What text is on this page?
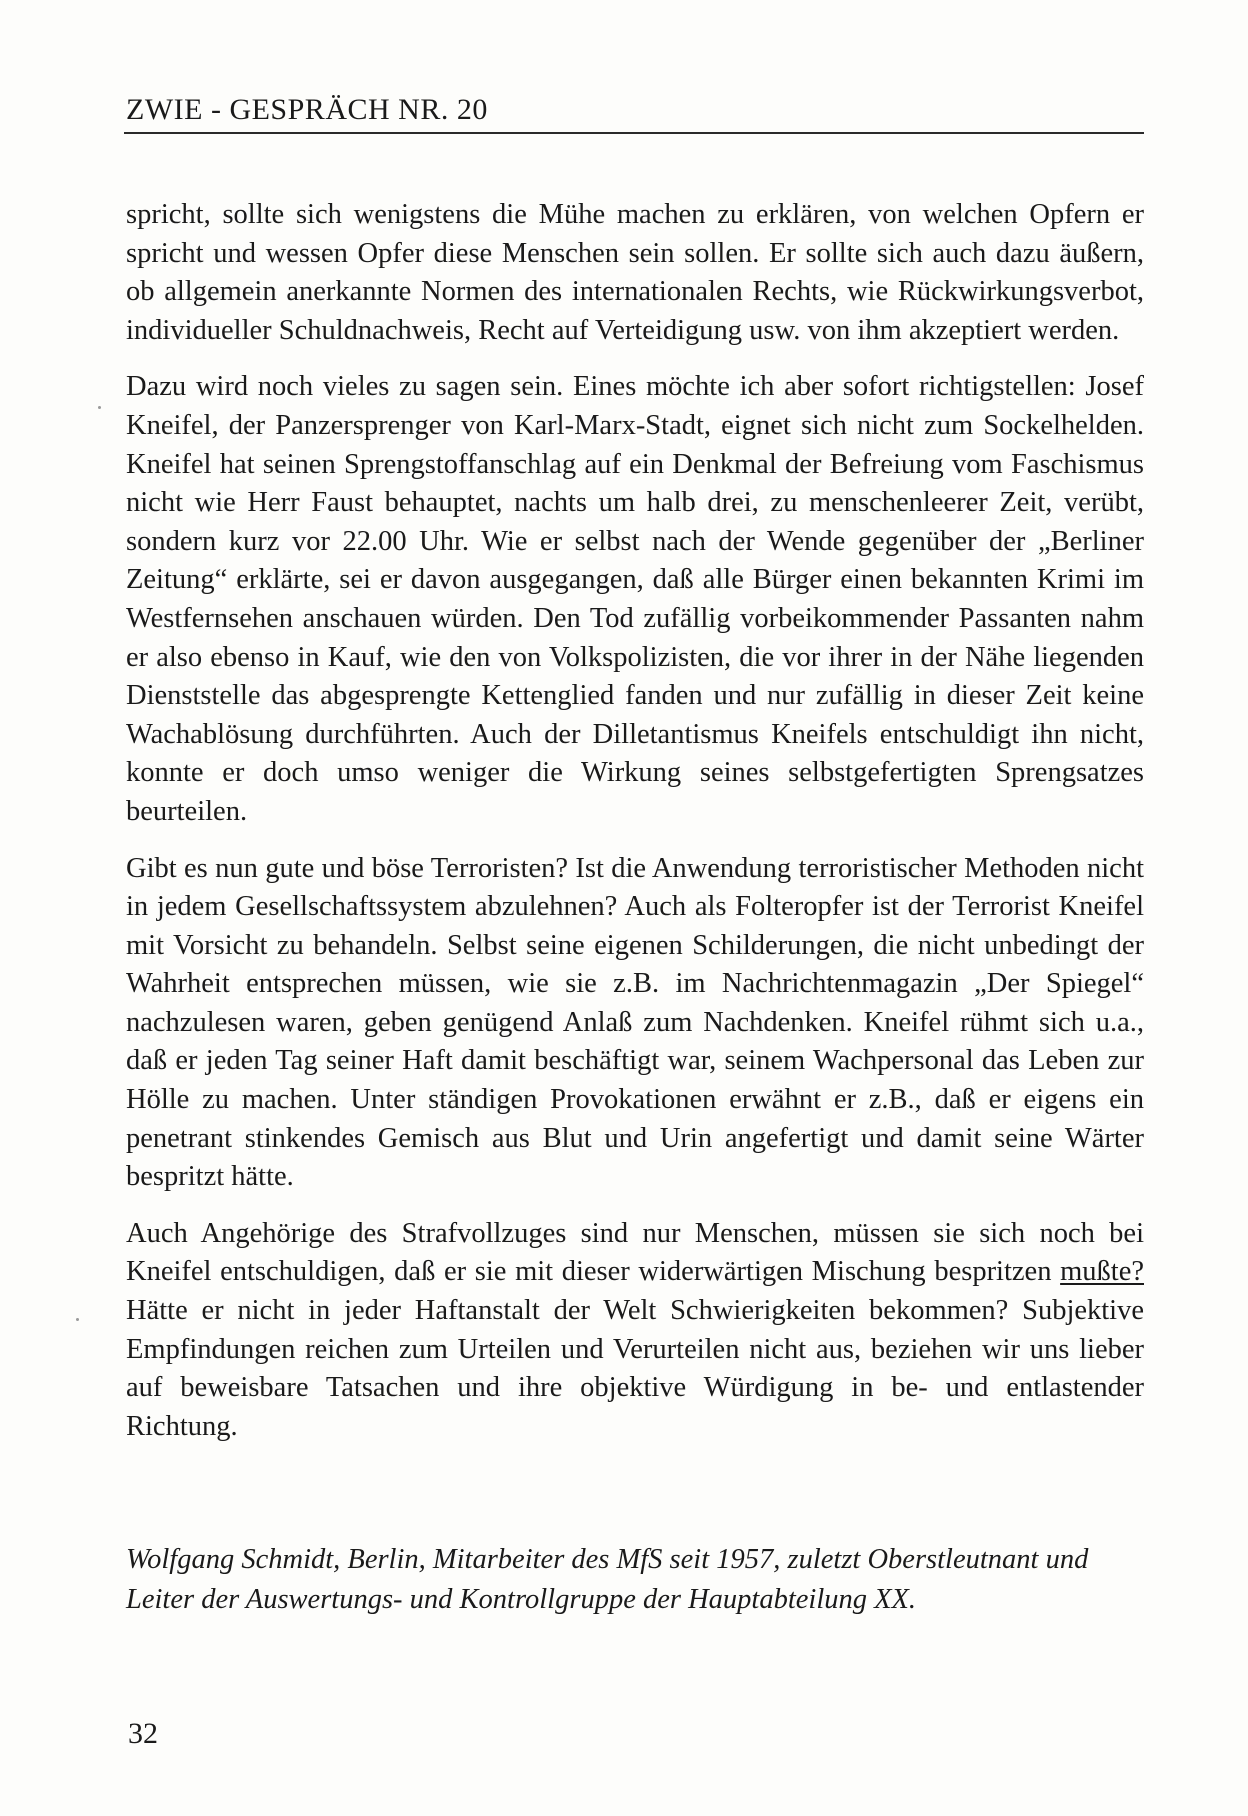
ZWIE - GESPRÄCH NR. 20

spricht, sollte sich wenigstens die Mühe machen zu erklären, von welchen Opfern er spricht und wessen Opfer diese Menschen sein sollen. Er sollte sich auch dazu äußern, ob allgemein anerkannte Normen des internationalen Rechts, wie Rückwirkungsverbot, individueller Schuldnachweis, Recht auf Verteidigung usw. von ihm akzeptiert werden.

Dazu wird noch vieles zu sagen sein. Eines möchte ich aber sofort richtigstellen: Josef Kneifel, der Panzersprenger von Karl-Marx-Stadt, eignet sich nicht zum Sockelhelden. Kneifel hat seinen Sprengstoffanschlag auf ein Denkmal der Befreiung vom Faschismus nicht wie Herr Faust behauptet, nachts um halb drei, zu menschenleerer Zeit, verübt, sondern kurz vor 22.00 Uhr. Wie er selbst nach der Wende gegenüber der „Berliner Zeitung“ erklärte, sei er davon ausgegangen, daß alle Bürger einen bekannten Krimi im Westfernsehen anschauen würden. Den Tod zufällig vorbeikommender Passanten nahm er also ebenso in Kauf, wie den von Volkspolizisten, die vor ihrer in der Nähe liegenden Dienststelle das abgesprengte Kettenglied fanden und nur zufällig in dieser Zeit keine Wachablösung durchführten. Auch der Dilletantismus Kneifels entschuldigt ihn nicht, konnte er doch umso weniger die Wirkung seines selbstgefertigten Sprengsatzes beurteilen.

Gibt es nun gute und böse Terroristen? Ist die Anwendung terroristischer Methoden nicht in jedem Gesellschaftssystem abzulehnen? Auch als Folteropfer ist der Terrorist Kneifel mit Vorsicht zu behandeln. Selbst seine eigenen Schilderungen, die nicht unbedingt der Wahrheit entsprechen müssen, wie sie z.B. im Nachrichtenmagazin „Der Spiegel“ nachzulesen waren, geben genügend Anlaß zum Nachdenken. Kneifel rühmt sich u.a., daß er jeden Tag seiner Haft damit beschäftigt war, seinem Wachpersonal das Leben zur Hölle zu machen. Unter ständigen Provokationen erwähnt er z.B., daß er eigens ein penetrant stinkendes Gemisch aus Blut und Urin angefertigt und damit seine Wärter bespritzt hätte.

Auch Angehörige des Strafvollzuges sind nur Menschen, müssen sie sich noch bei Kneifel entschuldigen, daß er sie mit dieser widerwärtigen Mischung bespritzen mußte? Hätte er nicht in jeder Haftanstalt der Welt Schwierigkeiten bekommen? Subjektive Empfindungen reichen zum Urteilen und Verurteilen nicht aus, beziehen wir uns lieber auf beweisbare Tatsachen und ihre objektive Würdigung in be- und entlastender Richtung.

Wolfgang Schmidt, Berlin, Mitarbeiter des MfS seit 1957, zuletzt Oberstleutnant und Leiter der Auswertungs- und Kontrollgruppe der Hauptabteilung XX.
32
